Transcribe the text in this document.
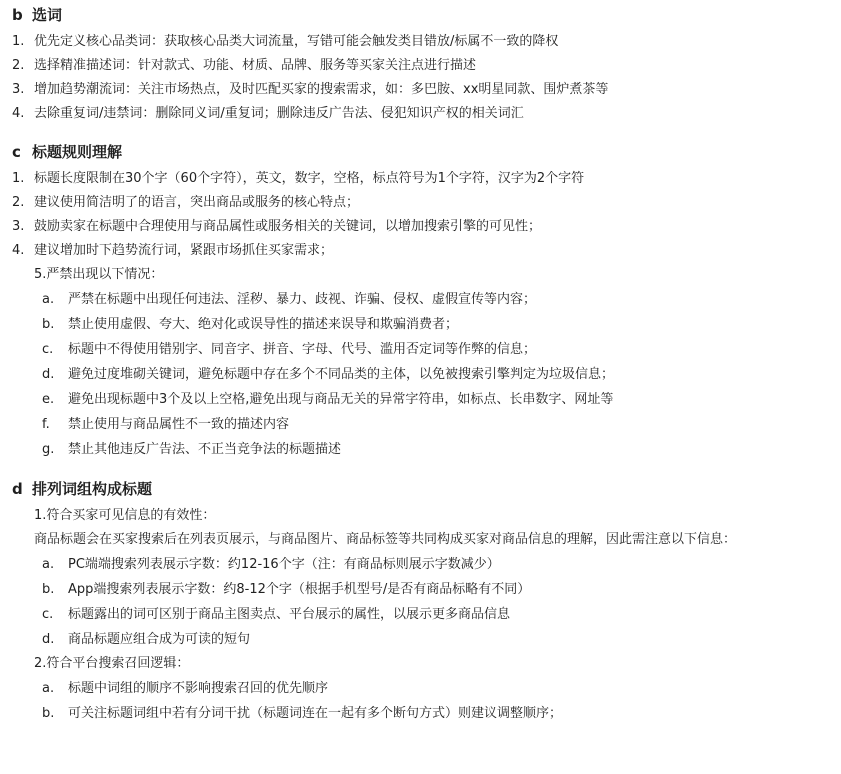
b 选词
1. 优先定义核心品类词：获取核心品类大词流量，写错可能会触发类目错放/标属不一致的降权
2. 选择精准描述词：针对款式、功能、材质、品牌、服务等买家关注点进行描述
3. 增加趋势潮流词：关注市场热点，及时匹配买家的搜索需求，如：多巴胺、xx明星同款、围炉煮茶等
4. 去除重复词/违禁词：删除同义词/重复词；删除违反广告法、侵犯知识产权的相关词汇
c 标题规则理解
1. 标题长度限制在30个字（60个字符），英文，数字，空格，标点符号为1个字符，汉字为2个字符
2. 建议使用简洁明了的语言，突出商品或服务的核心特点；
3. 鼓励卖家在标题中合理使用与商品属性或服务相关的关键词，以增加搜索引擎的可见性；
4. 建议增加时下趋势流行词，紧跟市场抓住买家需求；
5.严禁出现以下情况：
a. 严禁在标题中出现任何违法、淫秽、暴力、歧视、诈骗、侵权、虚假宣传等内容；
b. 禁止使用虚假、夸大、绝对化或误导性的描述来误导和欺骗消费者；
c. 标题中不得使用错别字、同音字、拼音、字母、代号、滥用否定词等作弊的信息；
d. 避免过度堆砌关键词，避免标题中存在多个不同品类的主体，以免被搜索引擎判定为垃圾信息；
e. 避免出现标题中3个及以上空格,避免出现与商品无关的异常字符串，如标点、长串数字、网址等
f. 禁止使用与商品属性不一致的描述内容
g. 禁止其他违反广告法、不正当竞争法的标题描述
d 排列词组构成标题
1.符合买家可见信息的有效性：
商品标题会在买家搜索后在列表页展示，与商品图片、商品标签等共同构成买家对商品信息的理解，因此需注意以下信息：
a. PC端端搜索列表展示字数：约12-16个字（注：有商品标则展示字数减少）
b. App端搜索列表展示字数：约8-12个字（根据手机型号/是否有商品标略有不同）
c. 标题露出的词可区别于商品主图卖点、平台展示的属性，以展示更多商品信息
d. 商品标题应组合成为可读的短句
2.符合平台搜索召回逻辑：
a. 标题中词组的顺序不影响搜索召回的优先顺序
b. 可关注标题词组中若有分词干扰（标题词连在一起有多个断句方式）则建议调整顺序；
